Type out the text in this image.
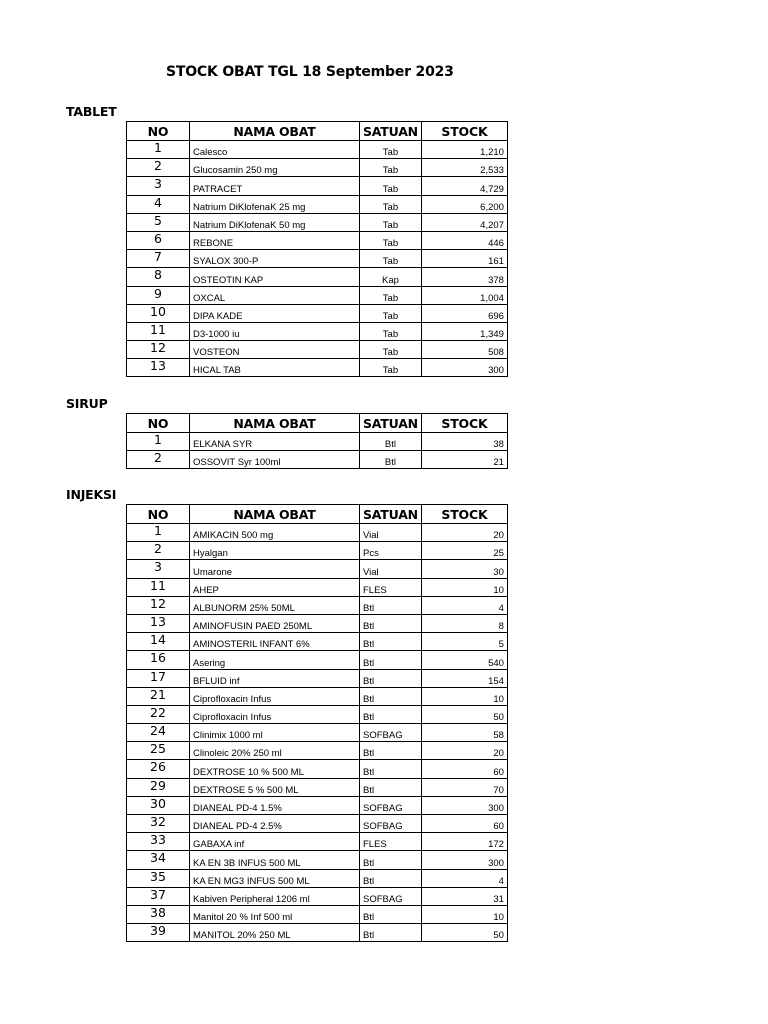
STOCK OBAT TGL 18 September 2023
TABLET
NO	NAMA OBAT	SATUAN	STOCK
1	Calesco	Tab	1,210
2	Glucosamin 250 mg	Tab	2,533
3	PATRACET	Tab	4,729
4	Natrium DiKlofenaK 25 mg	Tab	6,200
5	Natrium DiKlofenaK 50 mg	Tab	4,207
6	REBONE	Tab	446
7	SYALOX 300-P	Tab	161
8	OSTEOTIN KAP	Kap	378
9	OXCAL	Tab	1,004
10	DIPA KADE	Tab	696
11	D3-1000 iu	Tab	1,349
12	VOSTEON	Tab	508
13	HICAL TAB	Tab	300
SIRUP
NO	NAMA OBAT	SATUAN	STOCK
1	ELKANA SYR	Btl	38
2	OSSOVIT Syr 100ml	Btl	21
INJEKSI
NO	NAMA OBAT	SATUAN	STOCK
1	AMIKACIN 500 mg	Vial	20
2	Hyalgan	Pcs	25
3	Umarone	Vial	30
11	AHEP	FLES	10
12	ALBUNORM 25% 50ML	Btl	4
13	AMINOFUSIN PAED 250ML	Btl	8
14	AMINOSTERIL INFANT 6%	Btl	5
16	Asering	Btl	540
17	BFLUID inf	Btl	154
21	Ciprofloxacin Infus	Btl	10
22	Ciprofloxacin Infus	Btl	50
24	Clinimix 1000 ml	SOFBAG	58
25	Clinoleic 20% 250 ml	Btl	20
26	DEXTROSE 10 % 500 ML	Btl	60
29	DEXTROSE 5 % 500 ML	Btl	70
30	DIANEAL PD-4 1.5%	SOFBAG	300
32	DIANEAL PD-4 2.5%	SOFBAG	60
33	GABAXA inf	FLES	172
34	KA EN 3B INFUS 500 ML	Btl	300
35	KA EN MG3 INFUS 500 ML	Btl	4
37	Kabiven Peripheral 1206 ml	SOFBAG	31
38	Manitol 20 % Inf 500 ml	Btl	10
39	MANITOL 20% 250 ML	Btl	50
